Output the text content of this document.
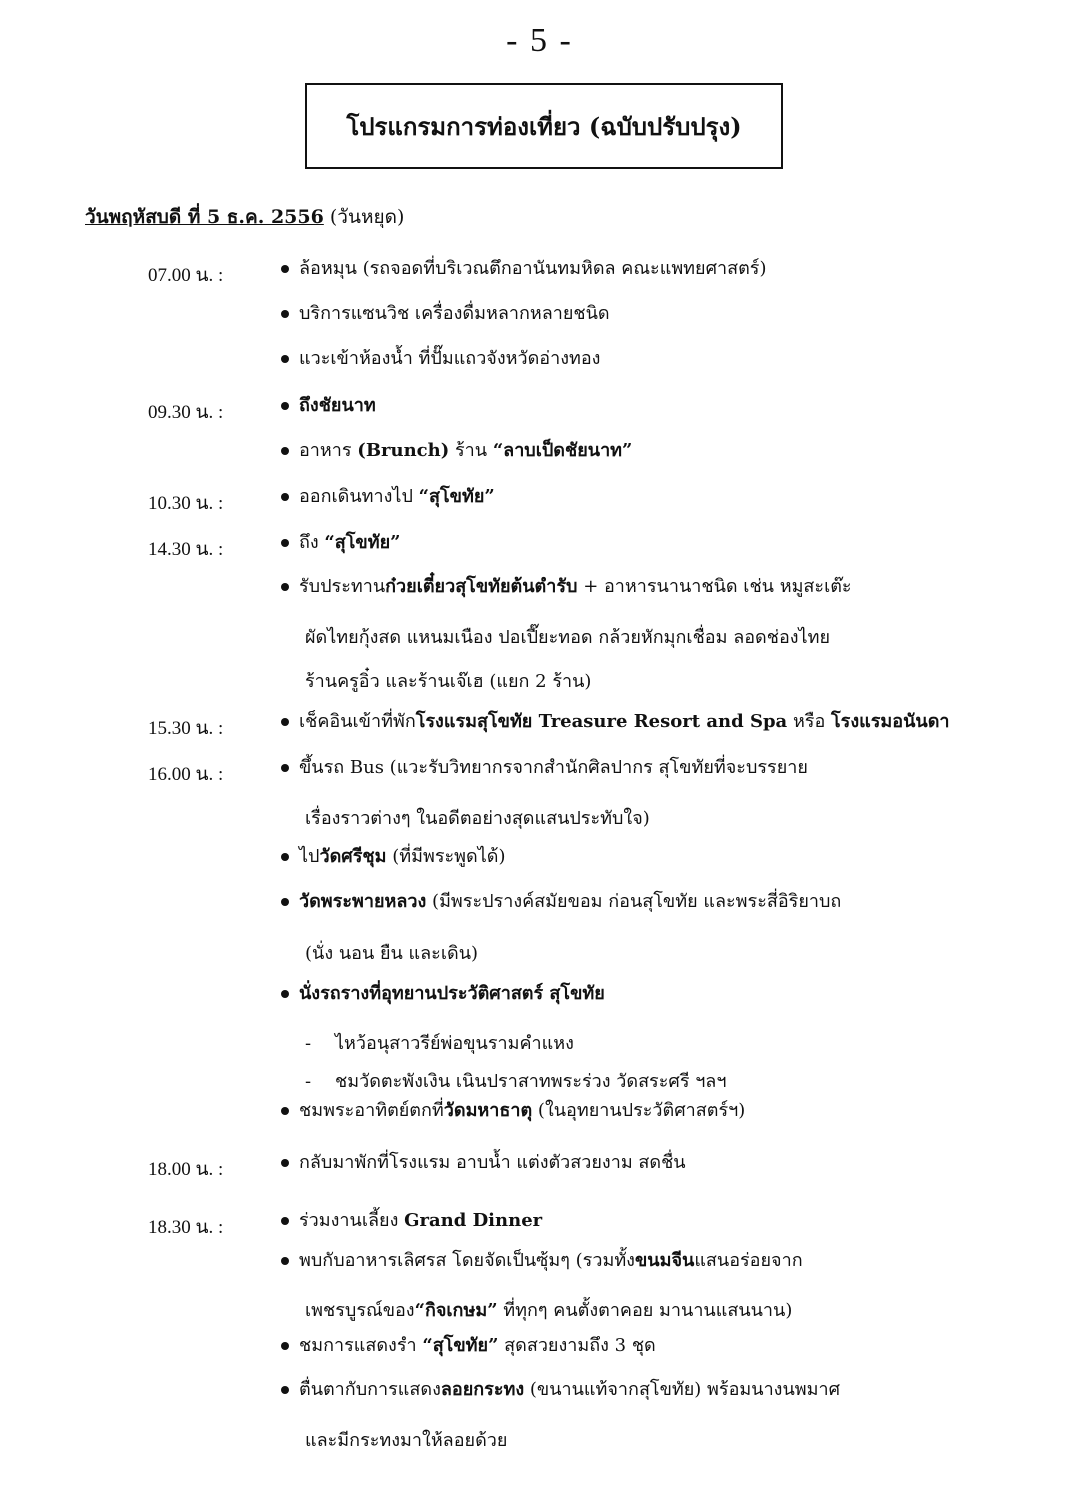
- 5 -
โปรแกรมการท่องเที่ยว (ฉบับปรับปรุง)
วันพฤหัสบดี ที่ 5 ธ.ค. 2556 (วันหยุด)
07.00 น. :
09.30 น. :
10.30 น. :
14.30 น. :
15.30 น. :
16.00 น. :
18.00 น. :
18.30 น. :
ล้อหมุน (รถจอดที่บริเวณตึกอานันทมหิดล คณะแพทยศาสตร์)
บริการแซนวิช เครื่องดื่มหลากหลายชนิด
แวะเข้าห้องน้ำ ที่ปั๊มแถวจังหวัดอ่างทอง
ถึงชัยนาท
อาหาร (Brunch) ร้าน “ลาบเป็ดชัยนาท”
ออกเดินทางไป “สุโขทัย”
ถึง “สุโขทัย”
รับประทานก๋วยเตี๋ยวสุโขทัยต้นตำรับ + อาหารนานาชนิด เช่น หมูสะเต๊ะ
ผัดไทยกุ้งสด แหนมเนือง ปอเปี๊ยะทอด กล้วยหักมุกเชื่อม ลอดช่องไทย
ร้านครูอิ๋ว และร้านเจ๊เฮ (แยก 2 ร้าน)
เช็คอินเข้าที่พักโรงแรมสุโขทัย Treasure Resort and Spa หรือ โรงแรมอนันดา
ขึ้นรถ Bus (แวะรับวิทยากรจากสำนักศิลปากร สุโขทัยที่จะบรรยาย
เรื่องราวต่างๆ ในอดีตอย่างสุดแสนประทับใจ)
ไปวัดศรีชุม (ที่มีพระพูดได้)
วัดพระพายหลวง (มีพระปรางค์สมัยขอม ก่อนสุโขทัย และพระสี่อิริยาบถ
(นั่ง นอน ยืน และเดิน)
นั่งรถรางที่อุทยานประวัติศาสตร์ สุโขทัย
- ไหว้อนุสาวรีย์พ่อขุนรามคำแหง
- ชมวัดตะพังเงิน เนินปราสาทพระร่วง วัดสระศรี ฯลฯ
ชมพระอาทิตย์ตกที่วัดมหาธาตุ (ในอุทยานประวัติศาสตร์ฯ)
กลับมาพักที่โรงแรม อาบน้ำ แต่งตัวสวยงาม สดชื่น
ร่วมงานเลี้ยง Grand Dinner
พบกับอาหารเลิศรส โดยจัดเป็นซุ้มๆ (รวมทั้งขนมจีนแสนอร่อยจาก
เพชรบูรณ์ของ“กิจเกษม” ที่ทุกๆ คนตั้งตาคอย มานานแสนนาน)
ชมการแสดงรำ “สุโขทัย” สุดสวยงามถึง 3 ชุด
ตื่นตากับการแสดงลอยกระทง (ขนานแท้จากสุโขทัย) พร้อมนางนพมาศ
และมีกระทงมาให้ลอยด้วย
